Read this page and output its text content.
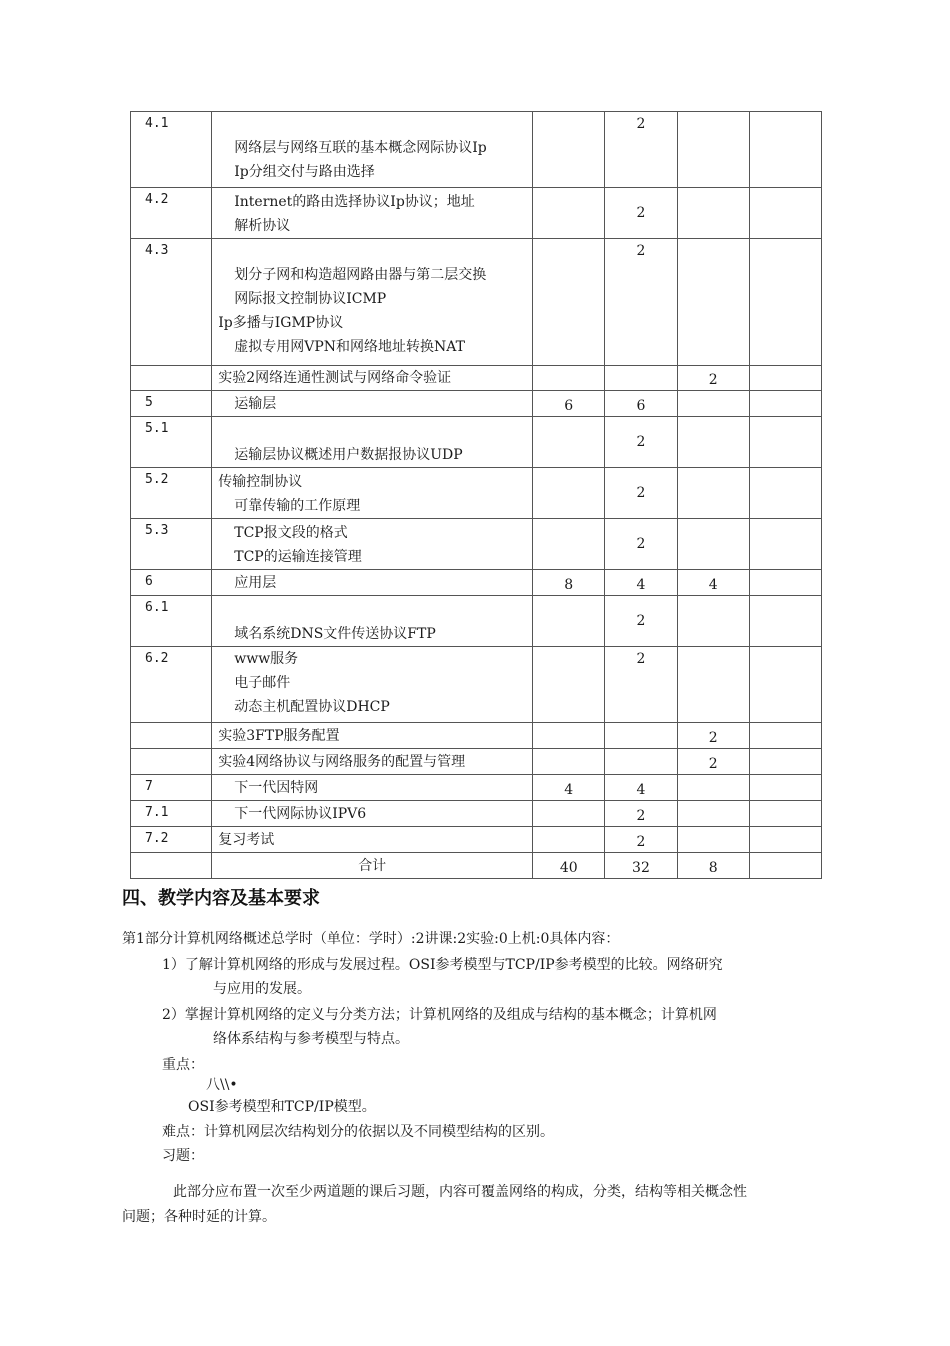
4.1	网络层与网络互联的基本概念网际协议Ip
Ip分组交付与路由选择		2		
4.2	Internet的路由选择协议Ip协议；地址
解析协议		2		
4.3	划分子网和构造超网路由器与第二层交换
网际报文控制协议ICMP
Ip多播与IGMP协议
虚拟专用网VPN和网络地址转换NAT		2		

	实验2网络连通性测试与网络命令验证			2	
5	运输层	6	6		
5.1	运输层协议概述用户数据报协议UDP		2		
5.2	传输控制协议
可靠传输的工作原理		2		
5.3	TCP报文段的格式
TCP的运输连接管理		2		
6	应用层	8	4	4	
6.1	域名系统DNS文件传送协议FTP		2		
6.2	www服务
电子邮件
动态主机配置协议DHCP		2		

	实验3FTP服务配置			2	

	实验4网络协议与网络服务的配置与管理			2	
7	下一代因特网	4	4		
7.1	下一代网际协议IPV6		2		
7.2	复习考试		2		

	合计	40	32	8	
四、教学内容及基本要求
第1部分计算机网络概述总学时（单位：学时）:2讲课:2实验:0上机:0具体内容：
1）了解计算机网络的形成与发展过程。OSI参考模型与TCP/IP参考模型的比较。网络研究
与应用的发展。
2）掌握计算机网络的定义与分类方法；计算机网络的及组成与结构的基本概念；计算机网
络体系结构与参考模型与特点。
重点：
八\\•
OSI参考模型和TCP/IP模型。
难点：计算机网层次结构划分的依据以及不同模型结构的区别。
习题：
此部分应布置一次至少两道题的课后习题，内容可覆盖网络的构成，分类，结构等相关概念性
问题；各种时延的计算。
